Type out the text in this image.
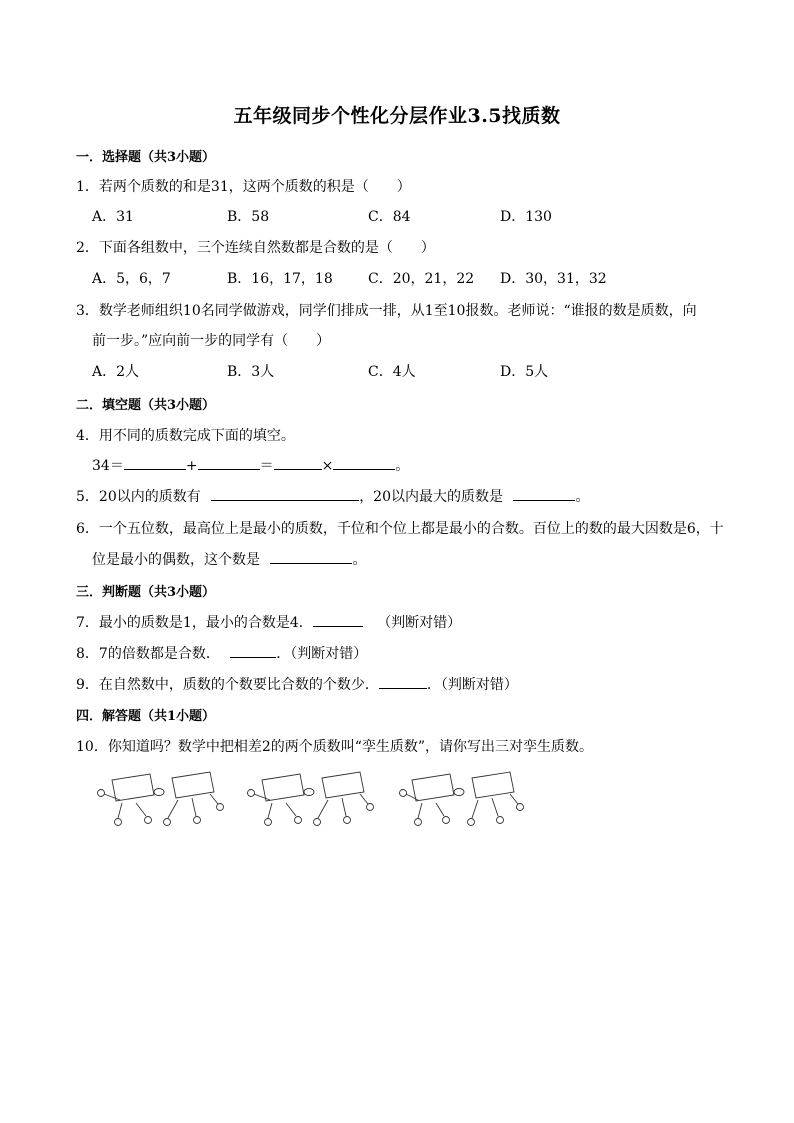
五年级同步个性化分层作业3.5找质数
一．选择题（共3小题）
1．若两个质数的和是31，这两个质数的积是（　　）
A．31	B．58	C．84	D．130
2．下面各组数中，三个连续自然数都是合数的是（　　）
A．5，6，7	B．16，17，18	C．20，21，22 D．30，31，32
3．数学老师组织10名同学做游戏，同学们排成一排，从1至10报数。老师说：“谁报的数是质数，向
前一步。”应向前一步的同学有（　　）
A．2人	B．3人	C．4人	D．5人
二．填空题（共3小题）
4．用不同的质数完成下面的填空。
34＝	+	＝	×	。
5．20以内的质数有	，20以内最大的质数是	。
6．一个五位数，最高位上是最小的质数，千位和个位上都是最小的合数。百位上的数的最大因数是6，十
位是最小的偶数，这个数是	。
三．判断题（共3小题）
7．最小的质数是1，最小的合数是4．	（判断对错）
8．7的倍数都是合数．	．（判断对错）
9．在自然数中，质数的个数要比合数的个数少．	．（判断对错）
四．解答题（共1小题）
10．你知道吗？数学中把相差2的两个质数叫“孪生质数”，请你写出三对孪生质数。
